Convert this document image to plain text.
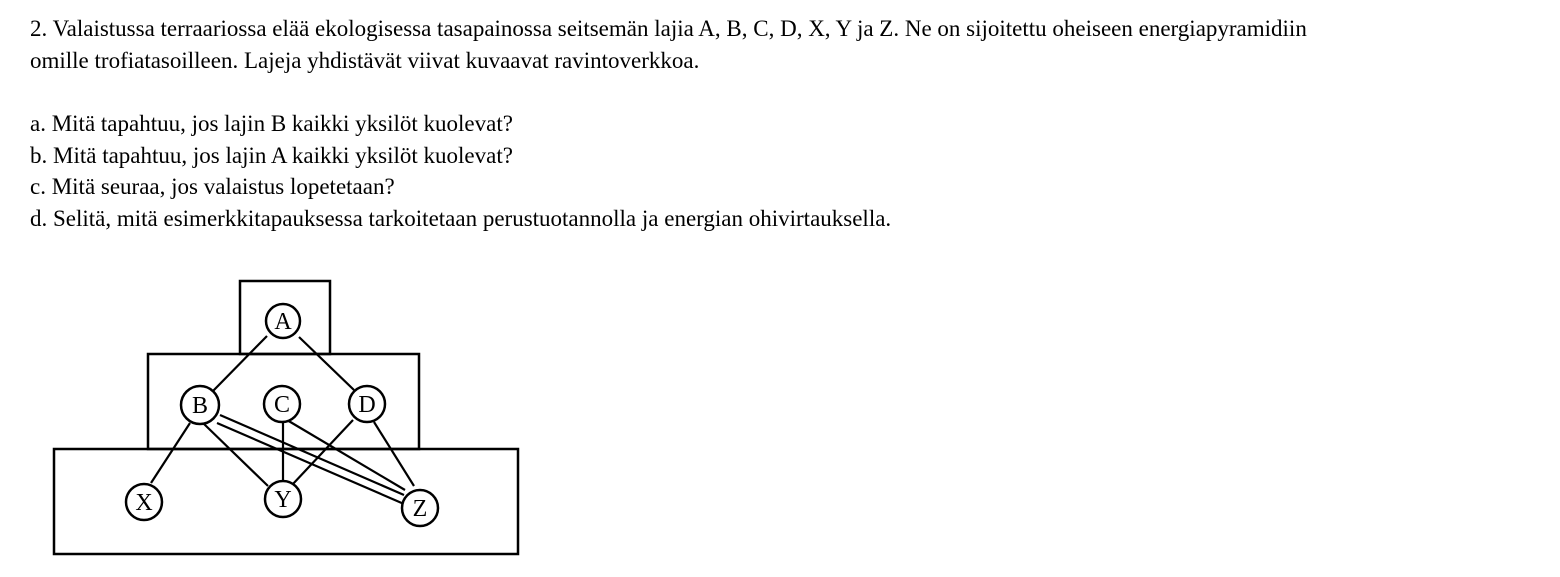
2. Valaistussa terraariossa elää ekologisessa tasapainossa seitsemän lajia A, B, C, D, X, Y ja Z. Ne on sijoitettu oheiseen energiapyramidiin
omille trofiatasoilleen. Lajeja yhdistävät viivat kuvaavat ravintoverkkoa.
a. Mitä tapahtuu, jos lajin B kaikki yksilöt kuolevat?
b. Mitä tapahtuu, jos lajin A kaikki yksilöt kuolevat?
c. Mitä seuraa, jos valaistus lopetetaan?
d. Selitä, mitä esimerkkitapauksessa tarkoitetaan perustuotannolla ja energian ohivirtauksella.
A
B	C	D
X	Y	Z
